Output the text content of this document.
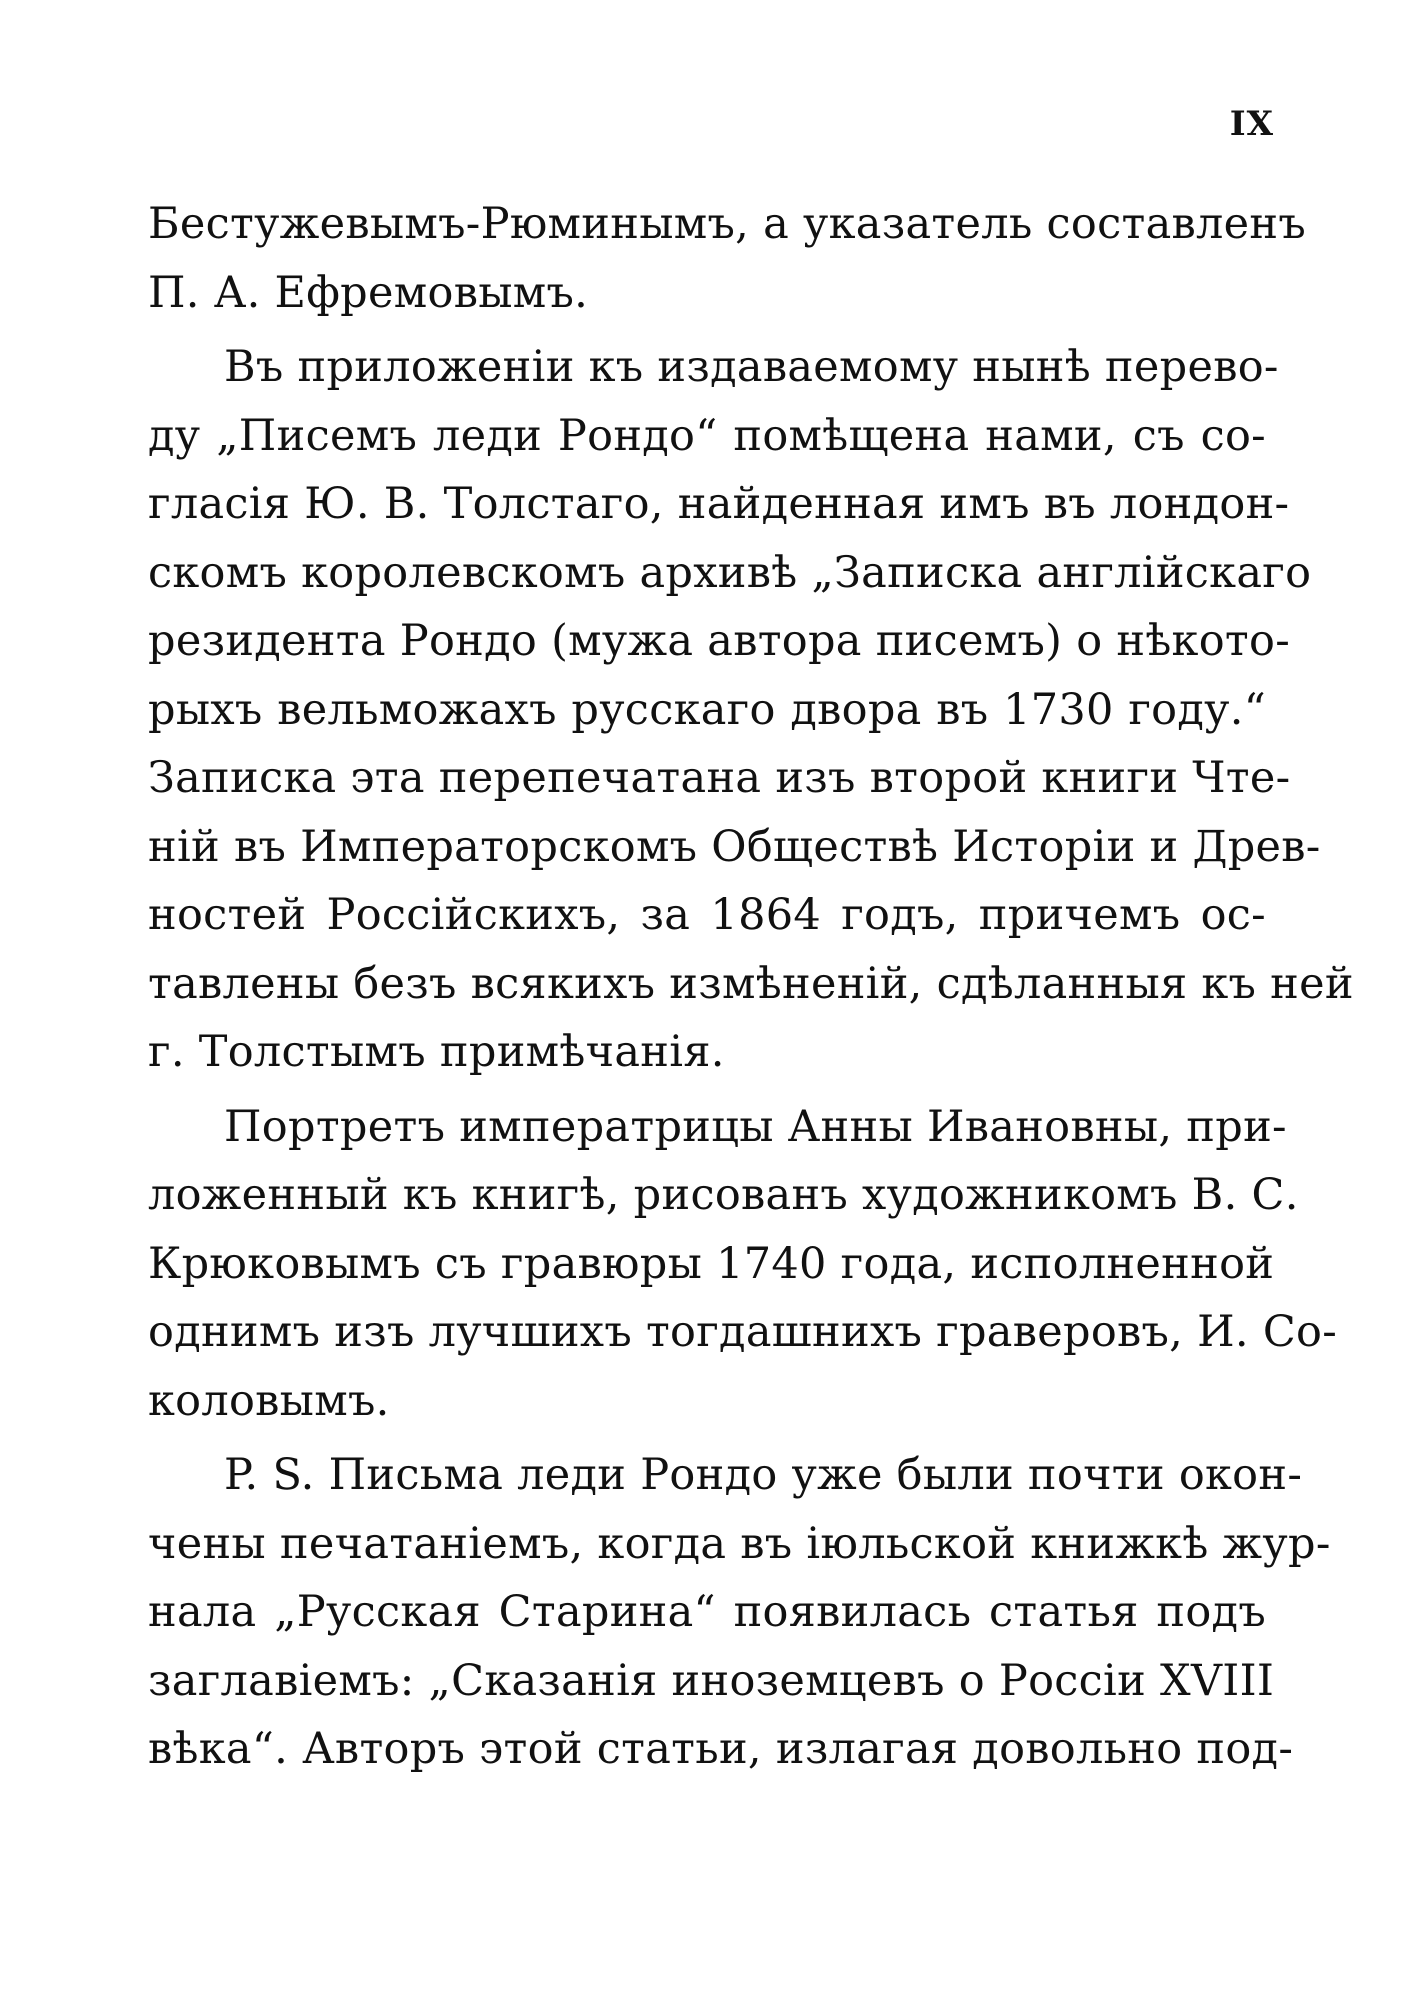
IX
Бестужевымъ-Рюминымъ, а указатель составленъ
П. А. Ефремовымъ.
Въ приложеніи къ издаваемому нынѣ перево-
ду „Писемъ леди Рондо“ помѣщена нами, съ со-
гласія Ю. В. Толстаго, найденная имъ въ лондон-
скомъ королевскомъ архивѣ „Записка англійскаго
резидента Рондо (мужа автора писемъ) о нѣкото-
рыхъ вельможахъ русскаго двора въ 1730 году.“
Записка эта перепечатана изъ второй книги Чте-
ній въ Императорскомъ Обществѣ Исторіи и Древ-
ностей Россійскихъ, за 1864 годъ, причемъ ос-
тавлены безъ всякихъ измѣненій, сдѣланныя къ ней
г. Толстымъ примѣчанія.
Портретъ императрицы Анны Ивановны, при-
ложенный къ книгѣ, рисованъ художникомъ В. С.
Крюковымъ съ гравюры 1740 года, исполненной
однимъ изъ лучшихъ тогдашнихъ граверовъ, И. Со-
коловымъ.
P. S. Письма леди Рондо уже были почти окон-
чены печатаніемъ, когда въ іюльской книжкѣ жур-
нала „Русская Старина“ появилась статья подъ
заглавіемъ: „Сказанія иноземцевъ о Россіи XVIII
вѣка“. Авторъ этой статьи, излагая довольно под-
